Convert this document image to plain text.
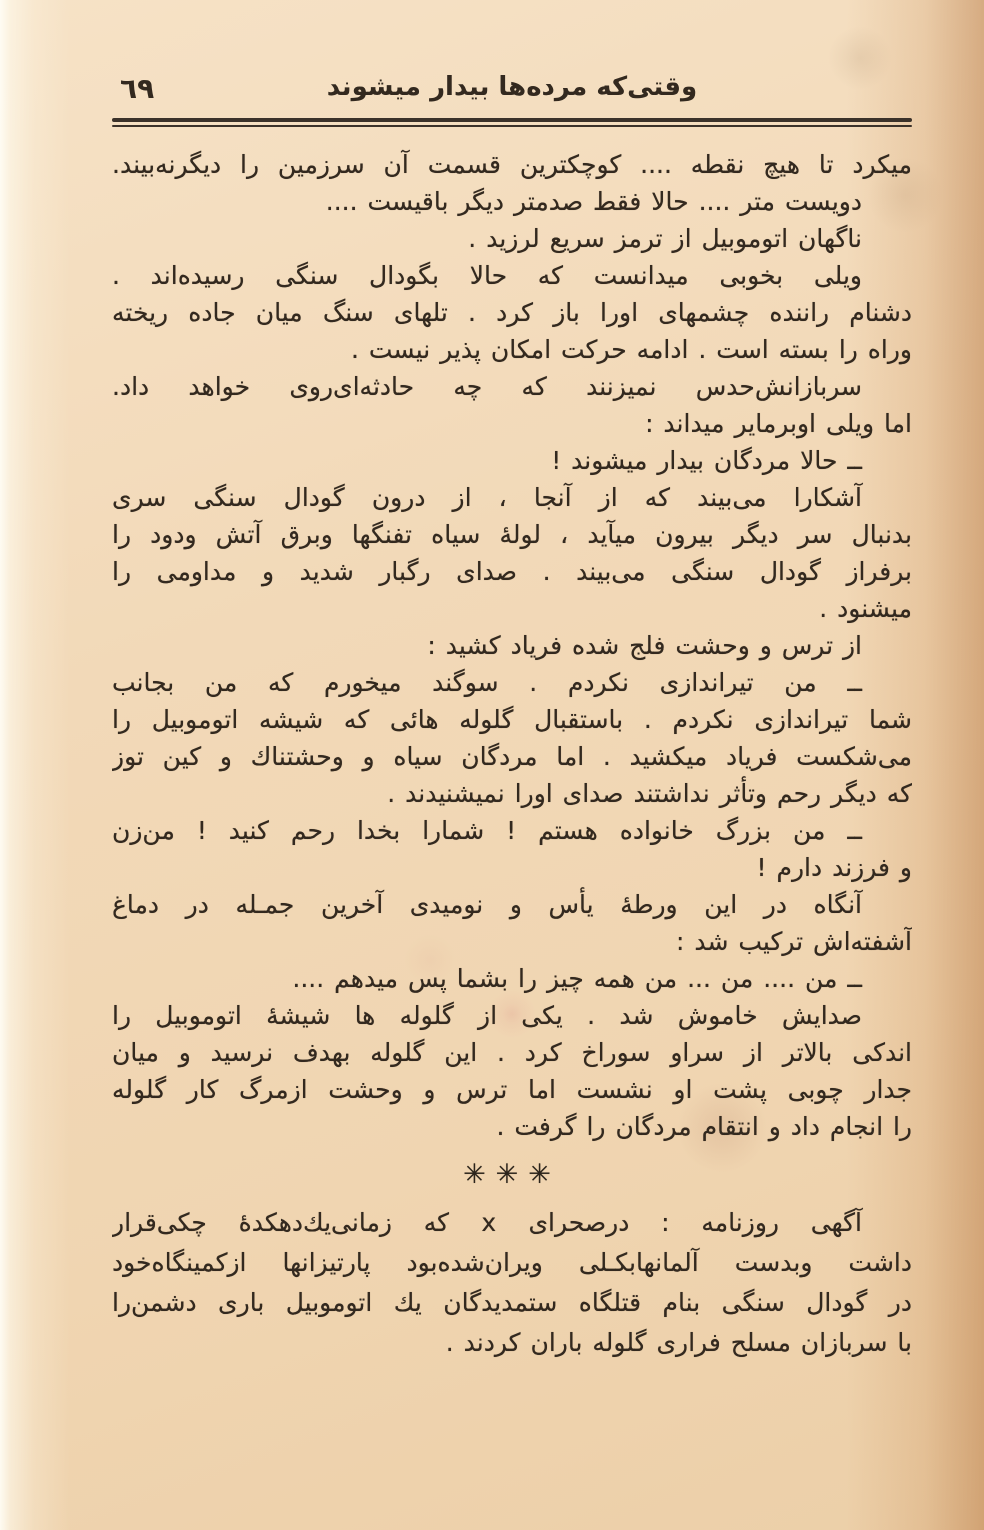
٦٩	وقتی‌که مرده‌ها بیدار میشوند
میکرد تا هیچ نقطه .... کوچکترین قسمت آن سرزمین را دیگرنه‌بیند.
دویست متر .... حالا فقط صدمتر دیگر باقیست ....
ناگهان اتوموبیل از ترمز سریع لرزید .
ویلی بخوبی میدانست که حالا بگودال سنگی رسیده‌اند .
دشنام راننده چشمهای اورا باز کرد . تلهای سنگ میان جاده ریخته
وراه را بسته است . ادامه حرکت امکان پذیر نیست .
سربازانش‌حدس نمیزنند که چه حادثه‌ای‌روی خواهد داد.
اما ویلی اوبرمایر میداند :
ــ حالا مردگان بیدار میشوند !
آشکارا می‌بیند که از آنجا ، از درون گودال سنگی سری
بدنبال سر دیگر بیرون میآید ، لولهٔ سیاه تفنگها وبرق آتش ودود را
برفراز گودال سنگی می‌بیند . صدای رگبار شدید و مداومی را
میشنود .
از ترس و وحشت فلج شده فریاد کشید :
ــ من تیراندازی نکردم . سوگند میخورم که من بجانب
شما تیراندازی نکردم . باستقبال گلوله هائی که شیشه اتوموبیل را
می‌شکست فریاد میکشید . اما مردگان سیاه و وحشتناك و کین توز
که دیگر رحم وتأثر نداشتند صدای اورا نمیشنیدند .
ــ من بزرگ خانواده هستم ! شمارا بخدا رحم کنید ! من‌زن
و فرزند دارم !
آنگاه در این ورطهٔ یأس و نومیدی آخرین جمـله در دماغ
آشفته‌اش ترکیب شد :
ــ من .... من ... من همه چیز را بشما پس میدهم ....
صدایش خاموش شد . یکی از گلوله ها شیشهٔ اتوموبیل را
اندکی بالاتر از سراو سوراخ کرد . این گلوله بهدف نرسید و میان
جدار چوبی پشت او نشست اما ترس و وحشت ازمرگ کار گلوله
را انجام داد و انتقام مردگان را گرفت .
✳✳✳
آگهی روزنامه : درصحرای x که زمانی‌یك‌دهکدهٔ چکی‌قرار
داشت وبدست آلمانهابکـلی ویران‌شده‌بود پارتیزانها ازکمینگاه‌خود
در گودال سنگی بنام قتلگاه ستمدیدگان یك اتوموبیل باری دشمن‌را
با سربازان مسلح فراری گلوله باران کردند .
